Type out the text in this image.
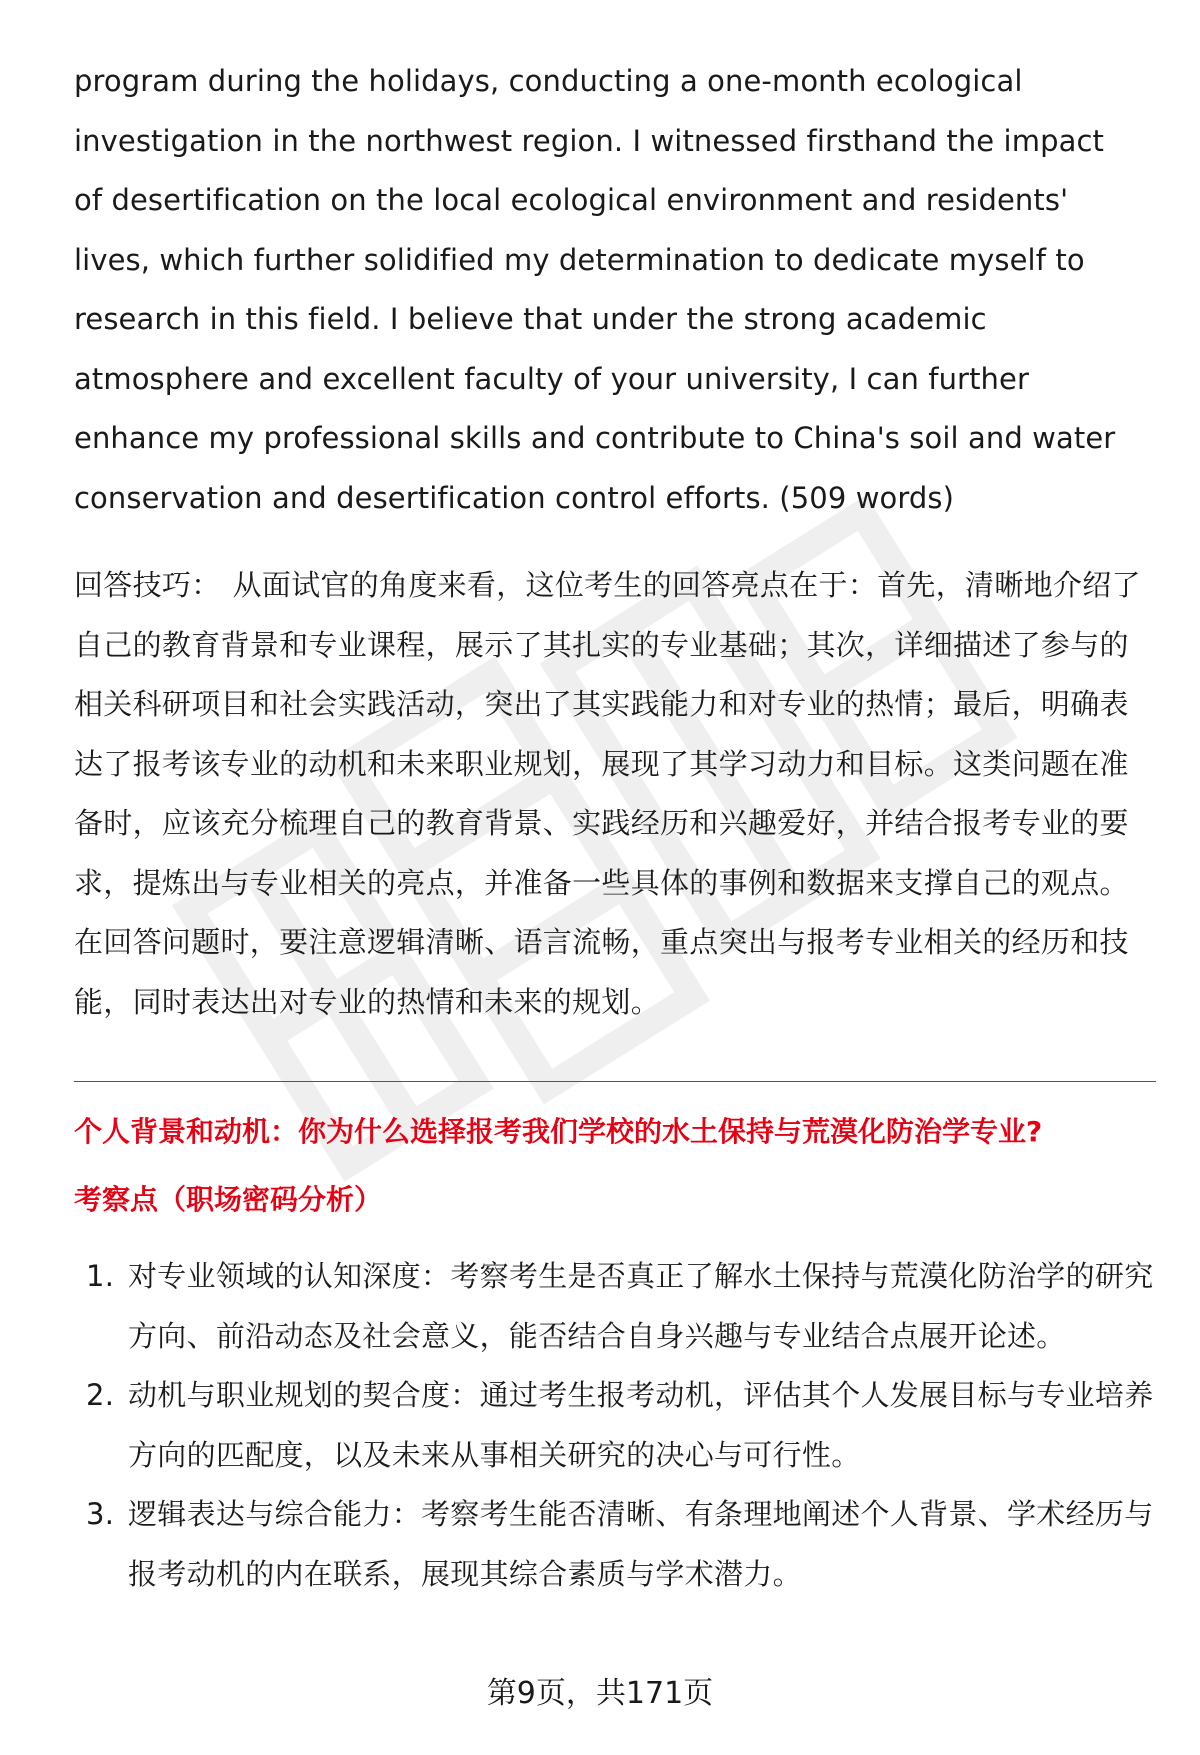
program during the holidays, conducting a one-month ecological investigation in the northwest region. I witnessed firsthand the impact of desertification on the local ecological environment and residents' lives, which further solidified my determination to dedicate myself to research in this field. I believe that under the strong academic atmosphere and excellent faculty of your university, I can further enhance my professional skills and contribute to China's soil and water conservation and desertification control efforts. (509 words)

回答技巧： 从面试官的角度来看，这位考生的回答亮点在于：首先，清晰地介绍了自己的教育背景和专业课程，展示了其扎实的专业基础；其次，详细描述了参与的相关科研项目和社会实践活动，突出了其实践能力和对专业的热情；最后，明确表达了报考该专业的动机和未来职业规划，展现了其学习动力和目标。这类问题在准备时，应该充分梳理自己的教育背景、实践经历和兴趣爱好，并结合报考专业的要求，提炼出与专业相关的亮点，并准备一些具体的事例和数据来支撑自己的观点。在回答问题时，要注意逻辑清晰、语言流畅，重点突出与报考专业相关的经历和技能，同时表达出对专业的热情和未来的规划。

个人背景和动机：你为什么选择报考我们学校的水土保持与荒漠化防治学专业?
考察点（职场密码分析）
1. 对专业领域的认知深度：考察考生是否真正了解水土保持与荒漠化防治学的研究方向、前沿动态及社会意义，能否结合自身兴趣与专业结合点展开论述。
2. 动机与职业规划的契合度：通过考生报考动机，评估其个人发展目标与专业培养方向的匹配度，以及未来从事相关研究的决心与可行性。
3. 逻辑表达与综合能力：考察考生能否清晰、有条理地阐述个人背景、学术经历与报考动机的内在联系，展现其综合素质与学术潜力。

第9页，共171页
